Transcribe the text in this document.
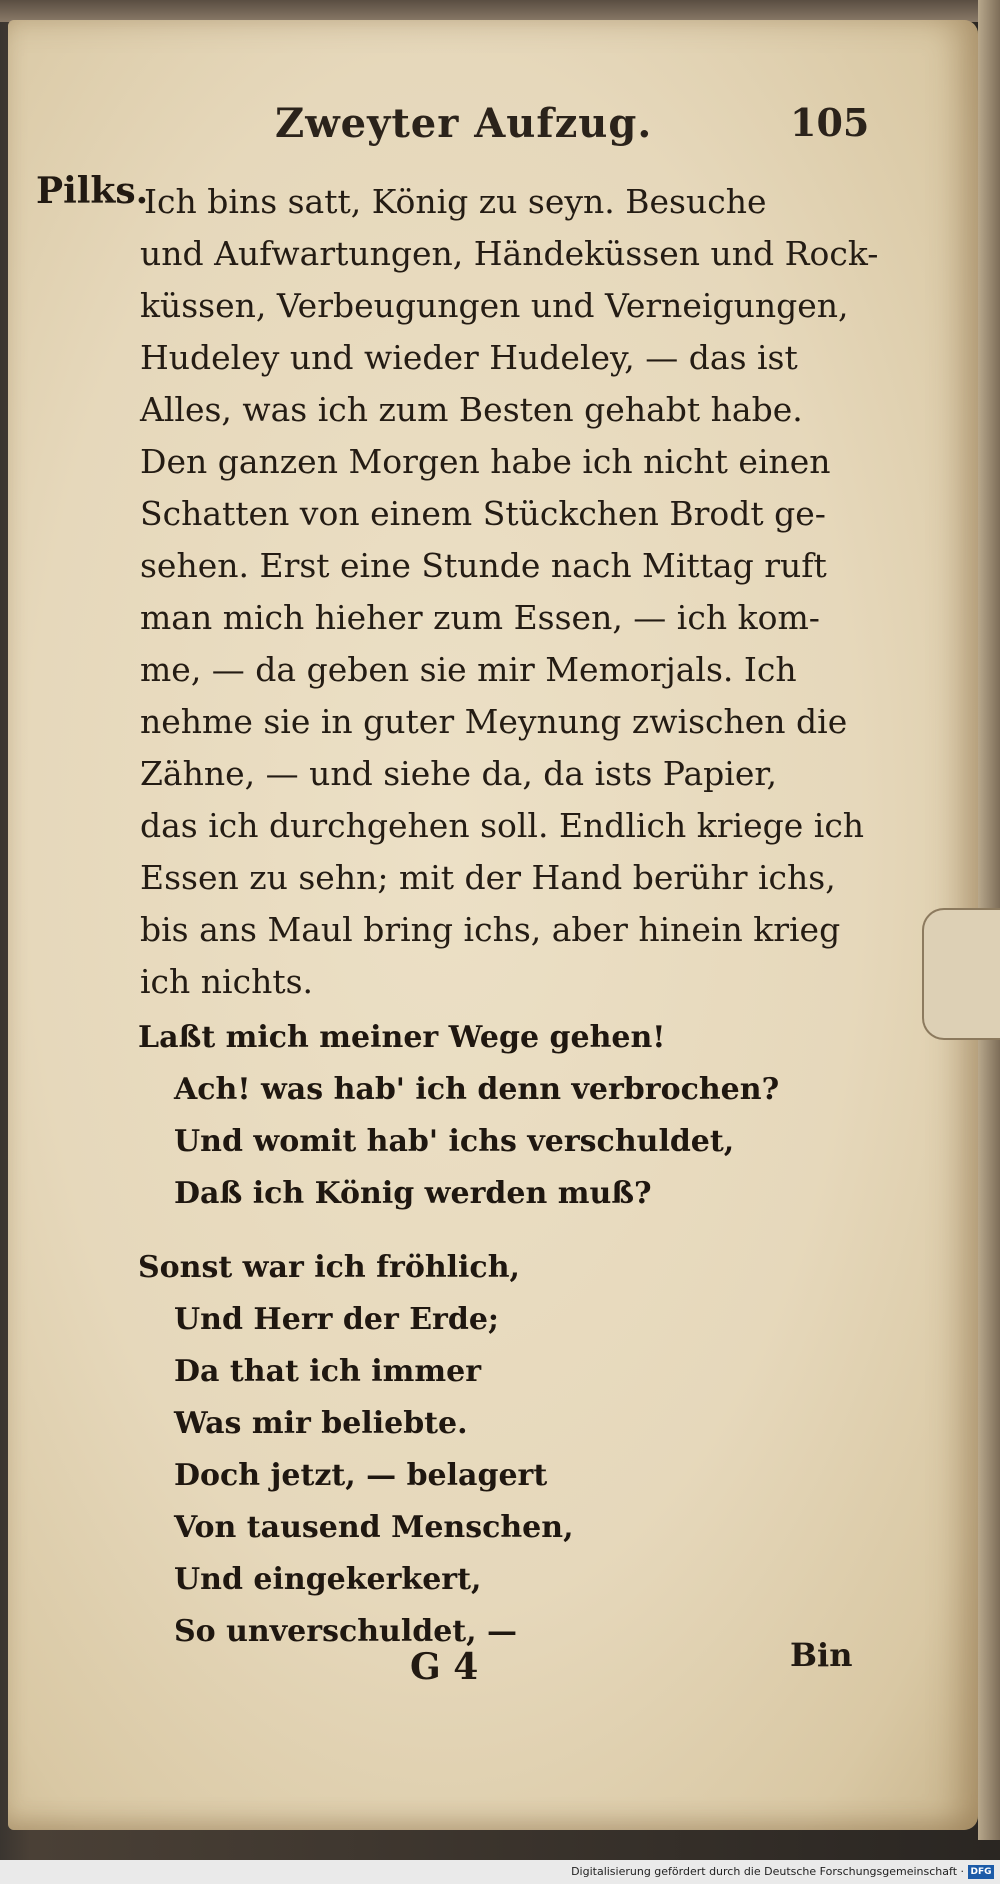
Zweyter Aufzug.	105
Pilks.
Ich bins satt, König zu seyn. Besuche
und Aufwartungen, Händeküssen und Rock-
küssen, Verbeugungen und Verneigungen,
Hudeley und wieder Hudeley, — das ist
Alles, was ich zum Besten gehabt habe.
Den ganzen Morgen habe ich nicht einen
Schatten von einem Stückchen Brodt ge-
sehen. Erst eine Stunde nach Mittag ruft
man mich hieher zum Essen, — ich kom-
me, — da geben sie mir Memorjals. Ich
nehme sie in guter Meynung zwischen die
Zähne, — und siehe da, da ists Papier,
das ich durchgehen soll. Endlich kriege ich
Essen zu sehn; mit der Hand berühr ichs,
bis ans Maul bring ichs, aber hinein krieg
ich nichts.
Laßt mich meiner Wege gehen!
Ach! was hab' ich denn verbrochen?
Und womit hab' ichs verschuldet,
Daß ich König werden muß?
Sonst war ich fröhlich,
Und Herr der Erde;
Da that ich immer
Was mir beliebte.
Doch jetzt, — belagert
Von tausend Menschen,
Und eingekerkert,
So unverschuldet, —
G 4	Bin
Digitalisierung gefördert durch die Deutsche Forschungsgemeinschaft · DFG
